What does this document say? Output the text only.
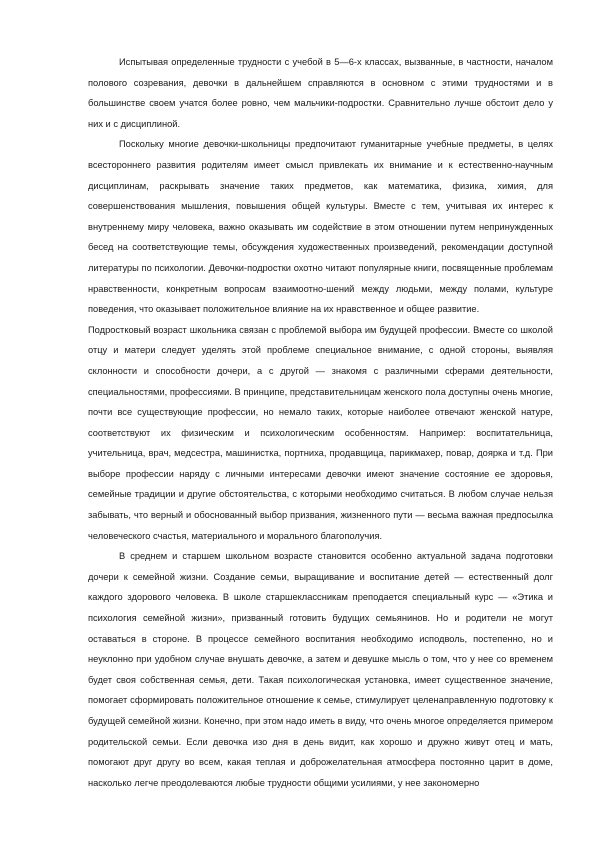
Испытывая определенные трудности с учебой в 5—6-х классах, вызванные, в частности, началом полового созревания, девочки в дальнейшем справляются в основном с этими трудностями и в большинстве своем учатся более ровно, чем мальчики-подростки. Сравнительно лучше обстоит дело у них и с дисциплиной.

Поскольку многие девочки-школьницы предпочитают гуманитарные учебные предметы, в целях всестороннего развития родителям имеет смысл привлекать их внимание и к естественно-научным дисциплинам, раскрывать значение таких предметов, как математика, физика, химия, для совершенствования мышления, повышения общей культуры. Вместе с тем, учитывая их интерес к внутреннему миру человека, важно оказывать им содействие в этом отношении путем непринужденных бесед на соответствующие темы, обсуждения художественных произведений, рекомендации доступной литературы по психологии. Девочки-подростки охотно читают популярные книги, посвященные проблемам нравственности, конкретным вопросам взаимоотно-шений между людьми, между полами, культуре поведения, что оказывает положительное влияние на их нравственное и общее развитие.

Подростковый возраст школьника связан с проблемой выбора им будущей профессии. Вместе со школой отцу и матери следует уделять этой проблеме специальное внимание, с одной стороны, выявляя склонности и способности дочери, а с другой — знакомя с различными сферами деятельности, специальностями, профессиями. В принципе, представительницам женского пола доступны очень многие, почти все существующие профессии, но немало таких, которые наиболее отвечают женской натуре, соответствуют их физическим и психологическим особенностям. Например: воспитательница, учительница, врач, медсестра, машинистка, портниха, продавщица, парикмахер, повар, доярка и т.д. При выборе профессии наряду с личными интересами девочки имеют значение состояние ее здоровья, семейные традиции и другие обстоятельства, с которыми необходимо считаться. В любом случае нельзя забывать, что верный и обоснованный выбор призвания, жизненного пути — весьма важная предпосылка человеческого счастья, материального и морального благополучия.

В среднем и старшем школьном возрасте становится особенно актуальной задача подготовки дочери к семейной жизни. Создание семьи, выращивание и воспитание детей — естественный долг каждого здорового человека. В школе старшеклассникам преподается специальный курс — «Этика и психология семейной жизни», призванный готовить будущих семьянинов. Но и родители не могут оставаться в стороне. В процессе семейного воспитания необходимо исподволь, постепенно, но и неуклонно при удобном случае внушать девочке, а затем и девушке мысль о том, что у нее со временем будет своя собственная семья, дети. Такая психологическая установка, имеет существенное значение, помогает сформировать положительное отношение к семье, стимулирует целенаправленную подготовку к будущей семейной жизни. Конечно, при этом надо иметь в виду, что очень многое определяется примером родительской семьи. Если девочка изо дня в день видит, как хорошо и дружно живут отец и мать, помогают друг другу во всем, какая теплая и доброжелательная атмосфера постоянно царит в доме, насколько легче преодолеваются любые трудности общими усилиями, у нее закономерно
